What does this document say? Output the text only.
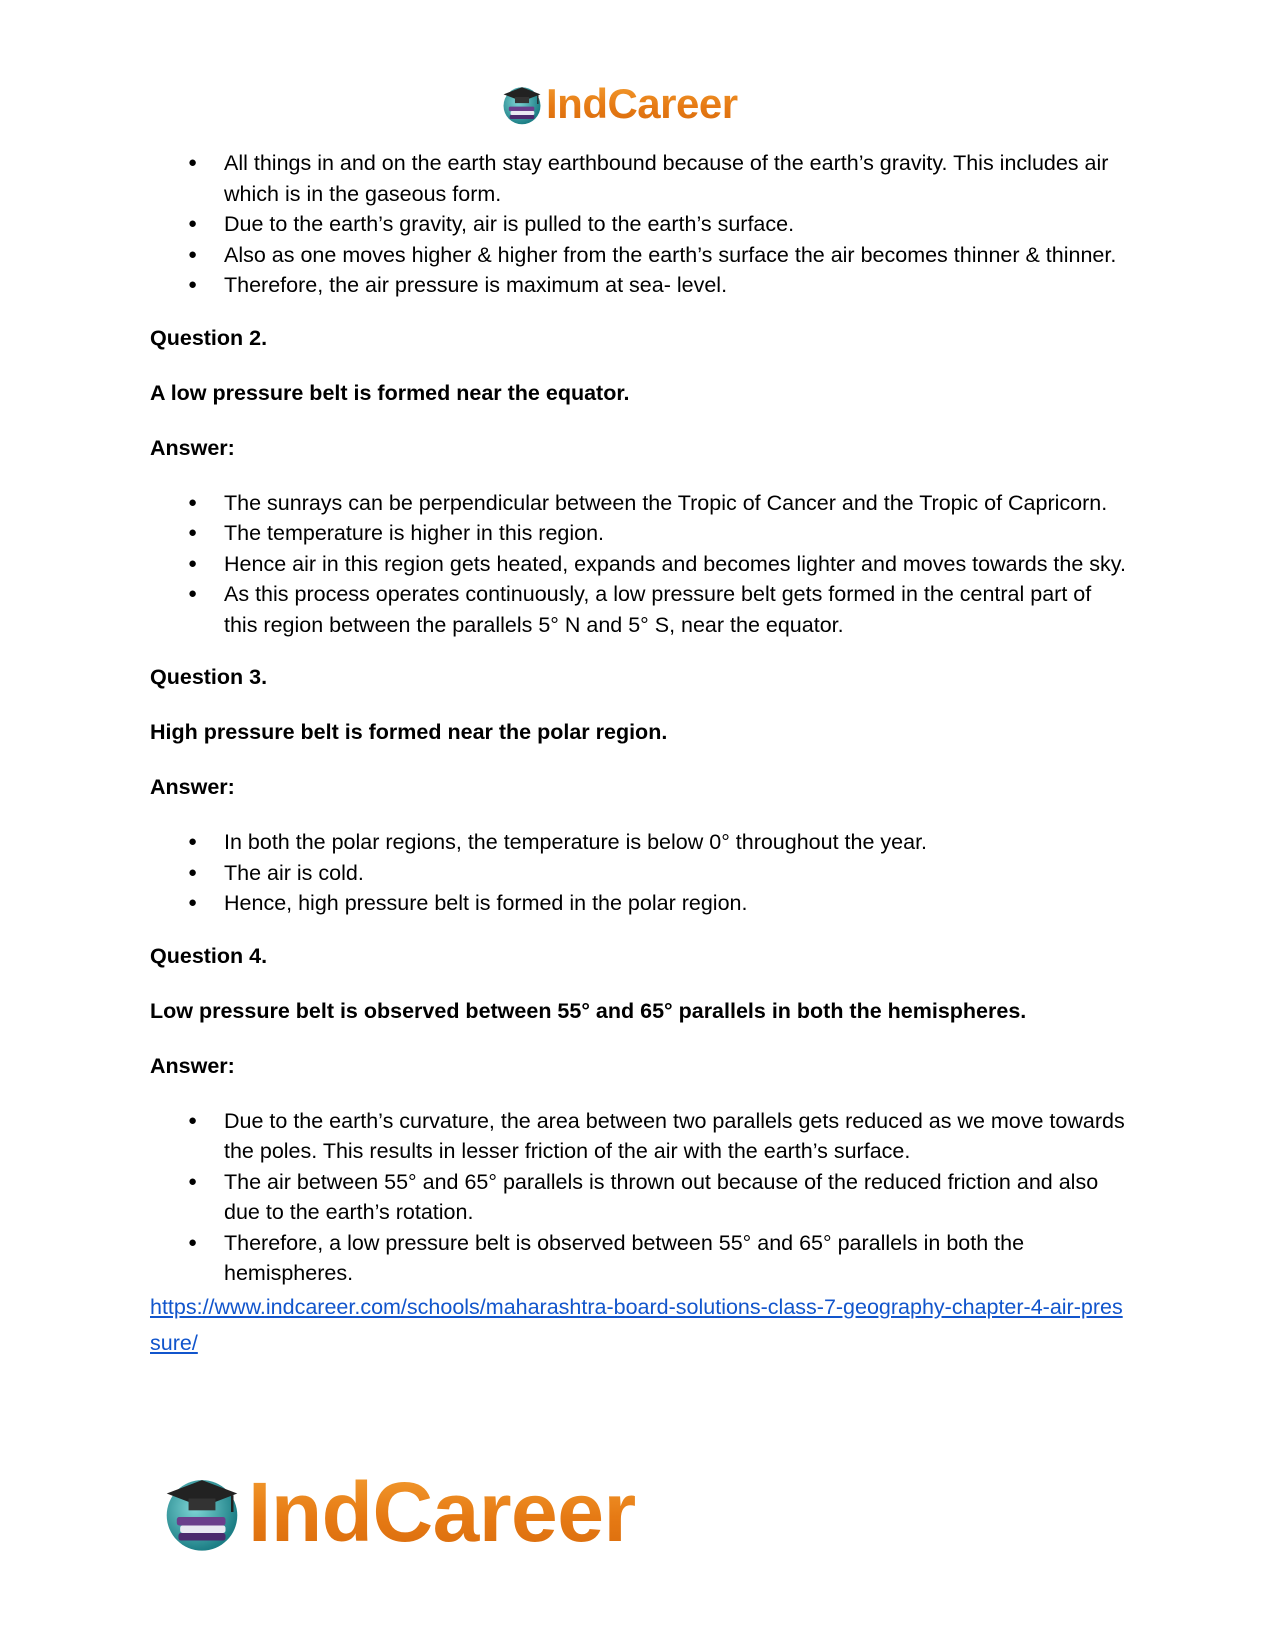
IndCareer
● All things in and on the earth stay earthbound because of the earth’s gravity. This includes air which is in the gaseous form.
● Due to the earth’s gravity, air is pulled to the earth’s surface.
● Also as one moves higher & higher from the earth’s surface the air becomes thinner & thinner.
● Therefore, the air pressure is maximum at sea- level.

Question 2.

A low pressure belt is formed near the equator.

Answer:

● The sunrays can be perpendicular between the Tropic of Cancer and the Tropic of Capricorn.
● The temperature is higher in this region.
● Hence air in this region gets heated, expands and becomes lighter and moves towards the sky.
● As this process operates continuously, a low pressure belt gets formed in the central part of this region between the parallels 5° N and 5° S, near the equator.

Question 3.

High pressure belt is formed near the polar region.

Answer:

● In both the polar regions, the temperature is below 0° throughout the year.
● The air is cold.
● Hence, high pressure belt is formed in the polar region.

Question 4.

Low pressure belt is observed between 55° and 65° parallels in both the hemispheres.

Answer:

● Due to the earth’s curvature, the area between two parallels gets reduced as we move towards the poles. This results in lesser friction of the air with the earth’s surface.
● The air between 55° and 65° parallels is thrown out because of the reduced friction and also due to the earth’s rotation.
● Therefore, a low pressure belt is observed between 55° and 65° parallels in both the hemispheres.
https://www.indcareer.com/schools/maharashtra-board-solutions-class-7-geography-chapter-4-air-pressure/
IndCareer
